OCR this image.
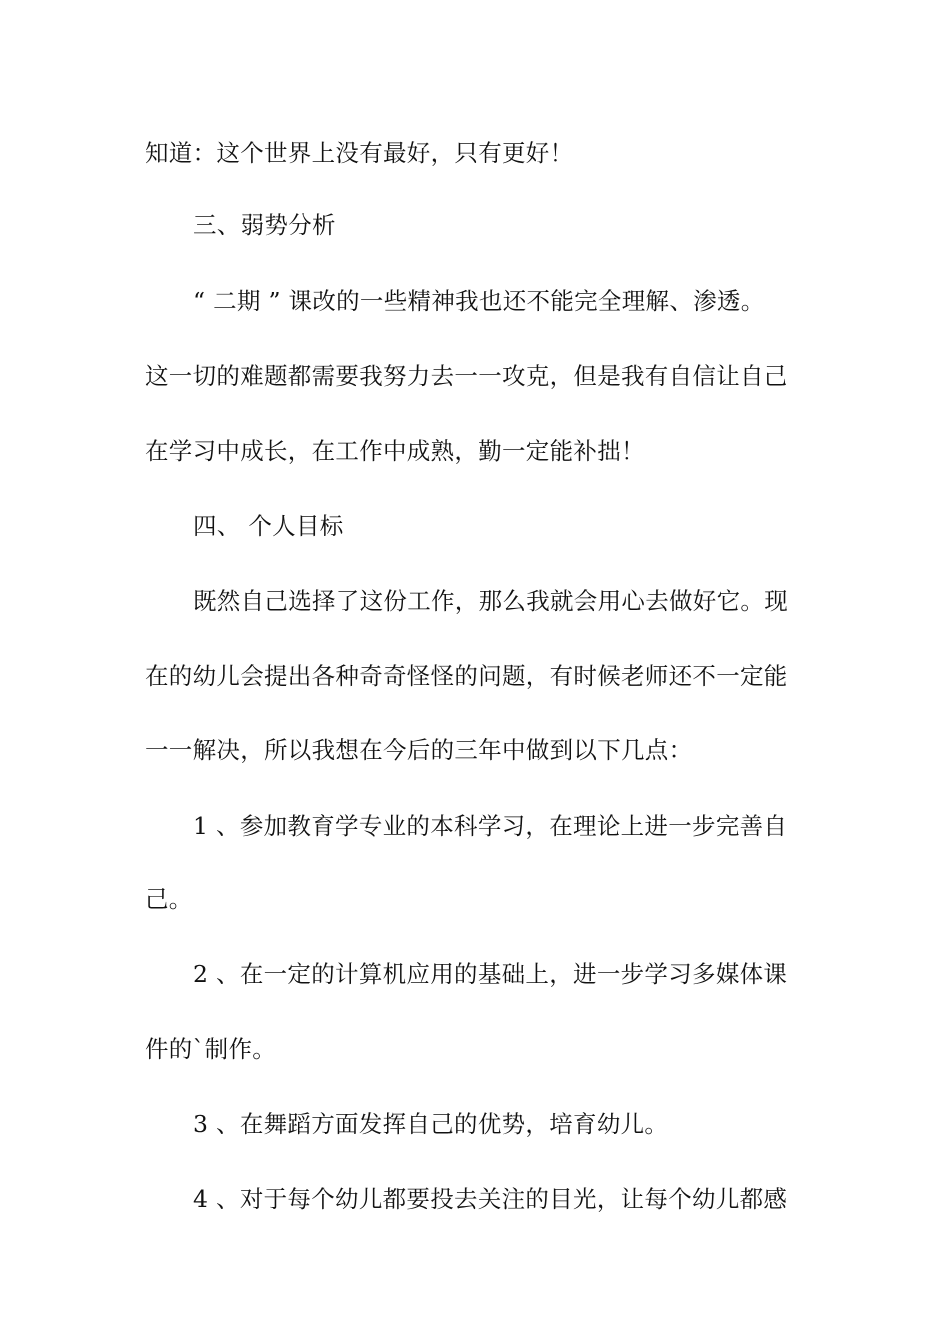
知道：这个世界上没有最好，只有更好！
三、弱势分析
“ 二期 ” 课改的一些精神我也还不能完全理解、渗透。
这一切的难题都需要我努力去一一攻克，但是我有自信让自己
在学习中成长，在工作中成熟，勤一定能补拙！
四、 个人目标
既然自己选择了这份工作，那么我就会用心去做好它。现
在的幼儿会提出各种奇奇怪怪的问题，有时候老师还不一定能
一一解决，所以我想在今后的三年中做到以下几点：
1 、参加教育学专业的本科学习，在理论上进一步完善自
己。
2 、在一定的计算机应用的基础上，进一步学习多媒体课
件的`制作。
3 、在舞蹈方面发挥自己的优势，培育幼儿。
4 、对于每个幼儿都要投去关注的目光，让每个幼儿都感
